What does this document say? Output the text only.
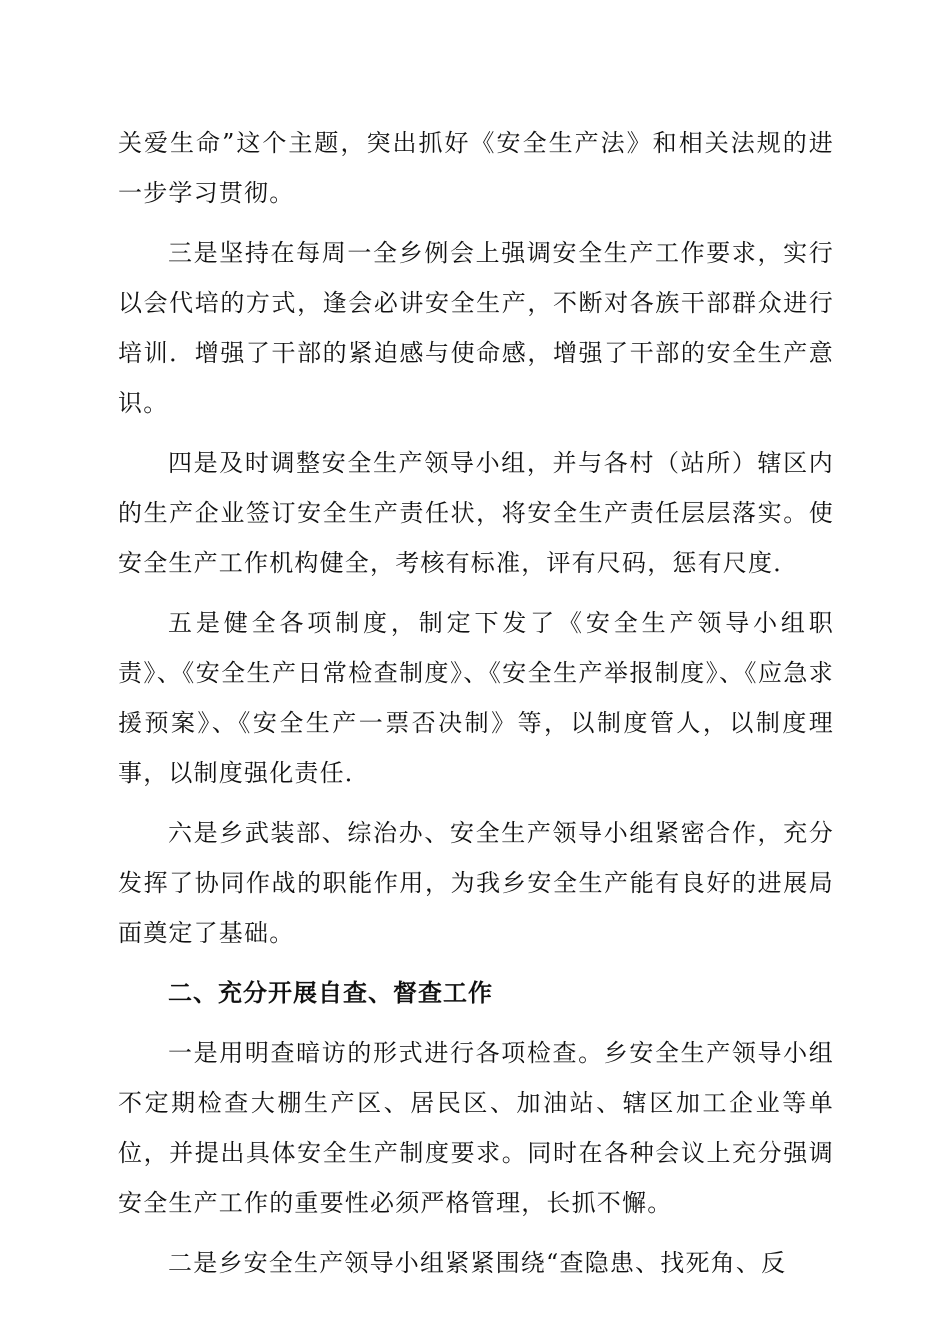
关爱生命”这个主题，突出抓好《安全生产法》和相关法规的进一步学习贯彻。

三是坚持在每周一全乡例会上强调安全生产工作要求，实行以会代培的方式，逢会必讲安全生产，不断对各族干部群众进行培训．增强了干部的紧迫感与使命感，增强了干部的安全生产意识。

四是及时调整安全生产领导小组，并与各村（站所）辖区内的生产企业签订安全生产责任状，将安全生产责任层层落实。使安全生产工作机构健全，考核有标准，评有尺码，惩有尺度．

五是健全各项制度，制定下发了《安全生产领导小组职责》、《安全生产日常检查制度》、《安全生产举报制度》、《应急求援预案》、《安全生产一票否决制》等，以制度管人，以制度理事，以制度强化责任．

六是乡武装部、综治办、安全生产领导小组紧密合作，充分发挥了协同作战的职能作用，为我乡安全生产能有良好的进展局面奠定了基础。

二、充分开展自查、督查工作

一是用明查暗访的形式进行各项检查。乡安全生产领导小组不定期检查大棚生产区、居民区、加油站、辖区加工企业等单位，并提出具体安全生产制度要求。同时在各种会议上充分强调安全生产工作的重要性必须严格管理，长抓不懈。

二是乡安全生产领导小组紧紧围绕“查隐患、找死角、反
